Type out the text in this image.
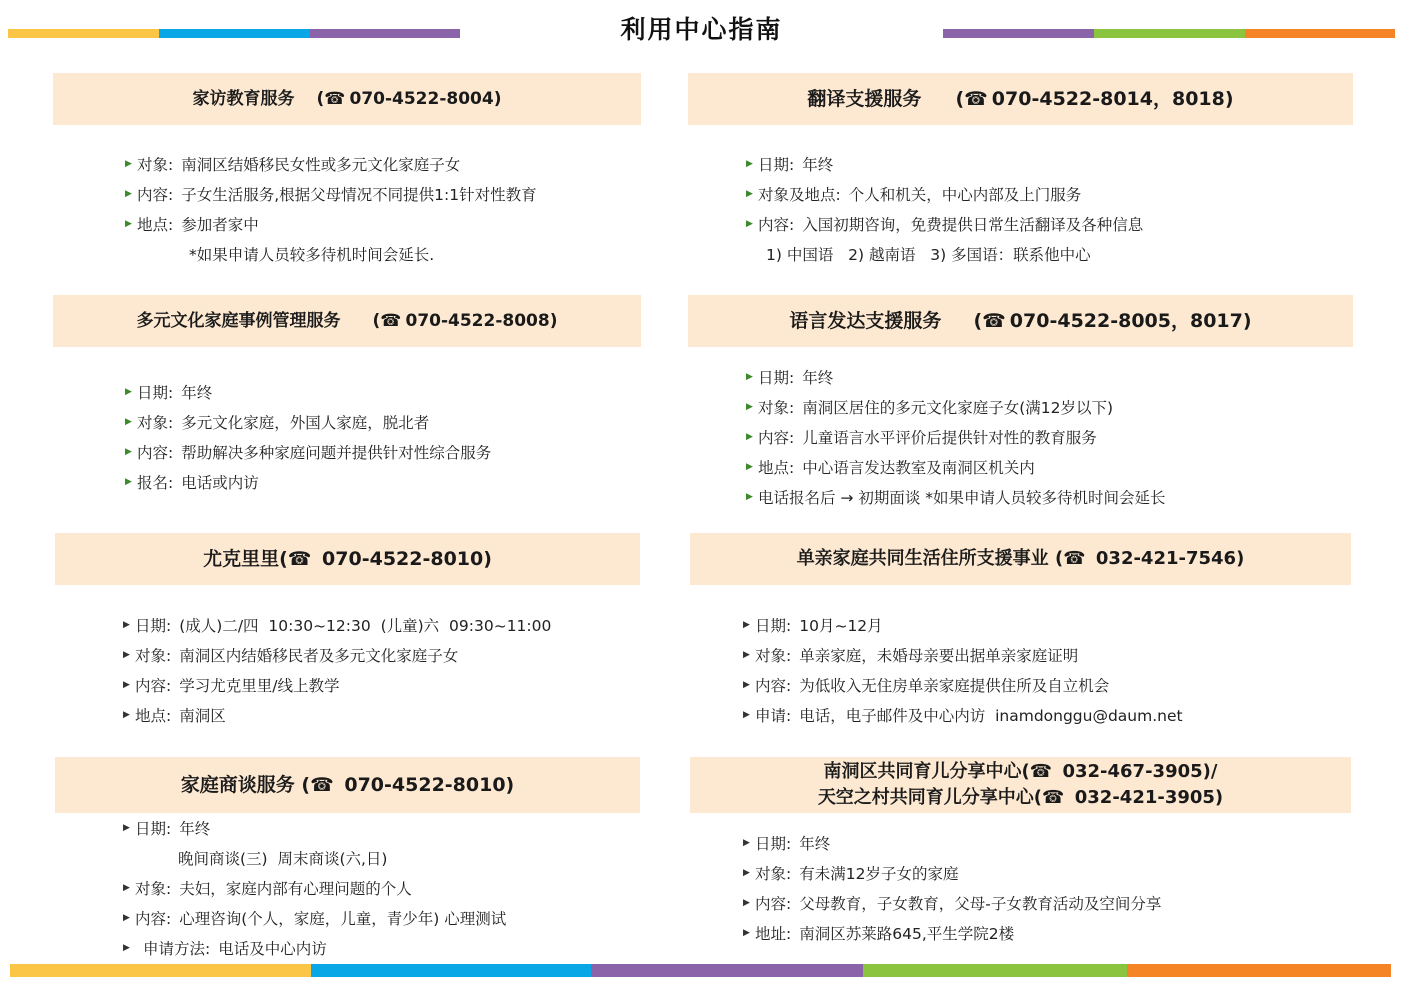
利用中心指南
家访教育服务 (☎ 070-4522-8004)
▶ 对象: 南洞区结婚移民女性或多元文化家庭子女
▶ 内容: 子女生活服务,根据父母情况不同提供1:1针对性教育
▶ 地点: 参加者家中
*如果申请人员较多待机时间会延长.
翻译支援服务 (☎ 070-4522-8014，8018)
▶ 日期: 年终
▶ 对象及地点: 个人和机关，中心内部及上门服务
▶ 内容: 入国初期咨询，免费提供日常生活翻译及各种信息
1) 中国语   2) 越南语   3) 多国语：联系他中心
多元文化家庭事例管理服务 (☎ 070-4522-8008)
▶ 日期: 年终
▶ 对象: 多元文化家庭，外国人家庭，脱北者
▶ 内容: 帮助解决多种家庭问题并提供针对性综合服务
▶ 报名: 电话或内访
语言发达支援服务 (☎ 070-4522-8005，8017)
▶ 日期: 年终
▶ 对象: 南洞区居住的多元文化家庭子女(满12岁以下)
▶ 内容: 儿童语言水平评价后提供针对性的教育服务
▶ 地点: 中心语言发达教室及南洞区机关内
▶ 电话报名后 → 初期面谈 *如果申请人员较多待机时间会延长
尤克里里( ☎ 070-4522-8010)
▶ 日期: (成人)二/四  10:30~12:30  (儿童)六  09:30~11:00
▶ 对象: 南洞区内结婚移民者及多元文化家庭子女
▶ 内容: 学习尤克里里/线上教学
▶ 地点: 南洞区
单亲家庭共同生活住所支援事业 ( ☎ 032-421-7546)
▶ 日期: 10月~12月
▶ 对象: 单亲家庭，未婚母亲要出据单亲家庭证明
▶ 内容: 为低收入无住房单亲家庭提供住所及自立机会
▶ 申请: 电话，电子邮件及中心内访  inamdonggu@daum.net
家庭商谈服务 ( ☎ 070-4522-8010)
▶ 日期: 年终
晚间商谈(三)  周末商谈(六,日)
▶ 对象: 夫妇，家庭内部有心理问题的个人
▶ 内容: 心理咨询(个人，家庭，儿童，青少年) 心理测试
▶ 申请方法: 电话及中心内访
南洞区共同育儿分享中心(☎ 032-467-3905)/
天空之村共同育儿分享中心(☎ 032-421-3905)
▶ 日期: 年终
▶ 对象: 有未满12岁子女的家庭
▶ 内容: 父母教育，子女教育，父母-子女教育活动及空间分享
▶ 地址: 南洞区苏莱路645,平生学院2楼
